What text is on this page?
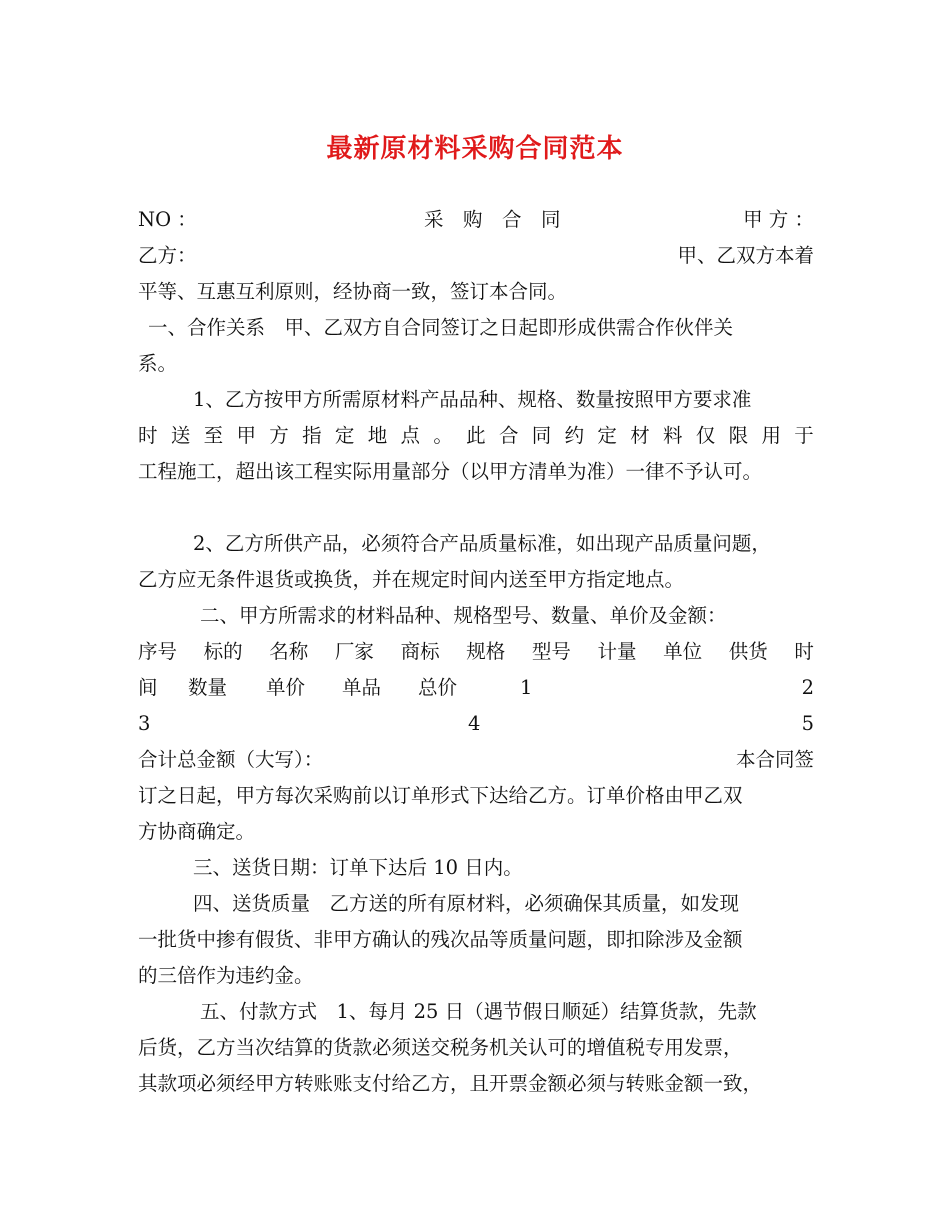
最新原材料采购合同范本
NO ：	采　购　合　同	甲 方 ：
乙方：	甲、乙双方本着
平等、互惠互利原则，经协商一致，签订本合同。
一、合作关系　甲、乙双方自合同签订之日起即形成供需合作伙伴关
系。
1、乙方按甲方所需原材料产品品种、规格、数量按照甲方要求准
时 送 至 甲 方 指 定 地 点 。 此 合 同 约 定 材 料 仅 限 用 于
工程施工，超出该工程实际用量部分（以甲方清单为准）一律不予认可。
2、乙方所供产品，必须符合产品质量标准，如出现产品质量问题，
乙方应无条件退货或换货，并在规定时间内送至甲方指定地点。
二、甲方所需求的材料品种、规格型号、数量、单价及金额：
序号 标的 名称 厂家 商标 规格 型号 计量 单位 供货 时
间 数量 单价 单品 总价	1	2
3	4	5
合计总金额（大写）：	本合同签
订之日起，甲方每次采购前以订单形式下达给乙方。订单价格由甲乙双
方协商确定。
三、送货日期：订单下达后 10 日内。
四、送货质量　乙方送的所有原材料，必须确保其质量，如发现
一批货中掺有假货、非甲方确认的残次品等质量问题，即扣除涉及金额
的三倍作为违约金。
五、付款方式　1、每月 25 日（遇节假日顺延）结算货款，先款
后货，乙方当次结算的货款必须送交税务机关认可的增值税专用发票，
其款项必须经甲方转账账支付给乙方，且开票金额必须与转账金额一致，
